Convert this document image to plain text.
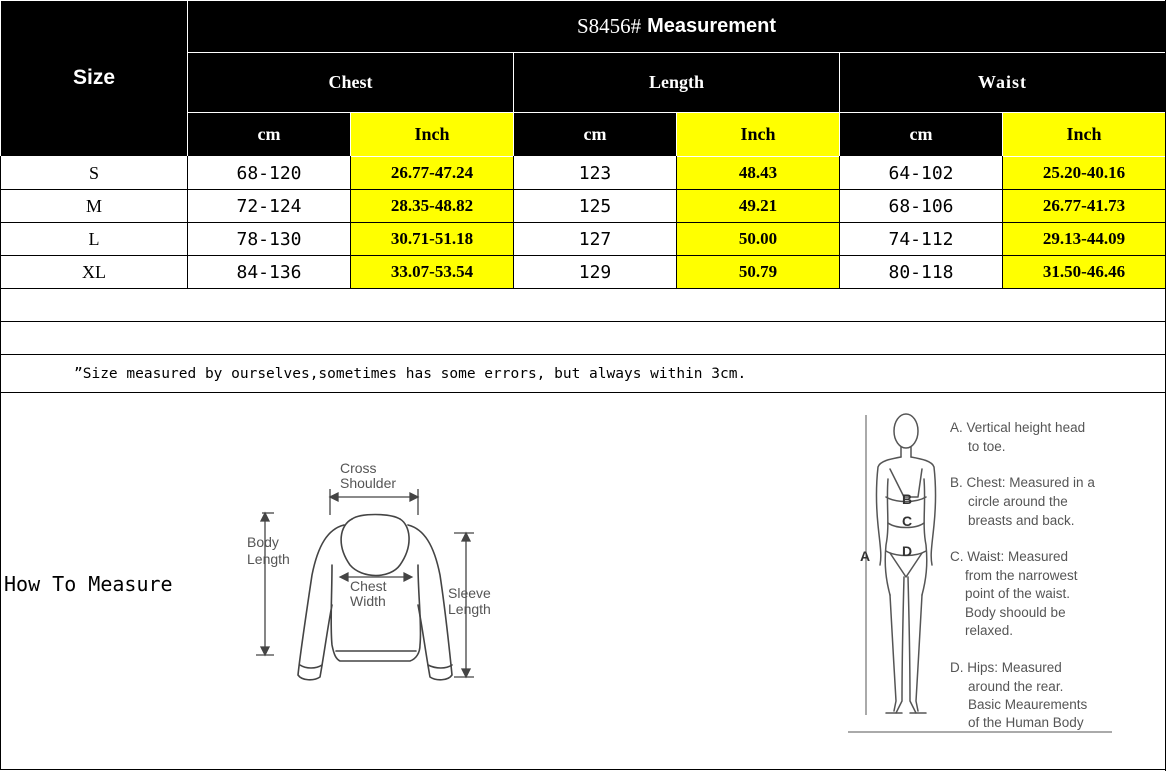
Size
S8456# Measurement
Chest	Length	Waist
cm	Inch	cm	Inch	cm	Inch
S	68-120	26.77-47.24	123	48.43	64-102	25.20-40.16
M	72-124	28.35-48.82	125	49.21	68-106	26.77-41.73
L	78-130	30.71-51.18	127	50.00	74-112	29.13-44.09
XL	84-136	33.07-53.54	129	50.79	80-118	31.50-46.46
”Size measured by ourselves,sometimes has some errors, but always within 3cm.
How To Measure
Cross
Shoulder
Body
Length
Chest
Width	Sleeve
Length
A
B
C
D
A. Vertical height head
to toe.
B. Chest: Measured in a
circle around the
breasts and back.
C. Waist: Measured
from the narrowest
point of the waist.
Body shoould be
relaxed.
D. Hips: Measured
around the rear.
Basic Meaurements
of the Human Body
